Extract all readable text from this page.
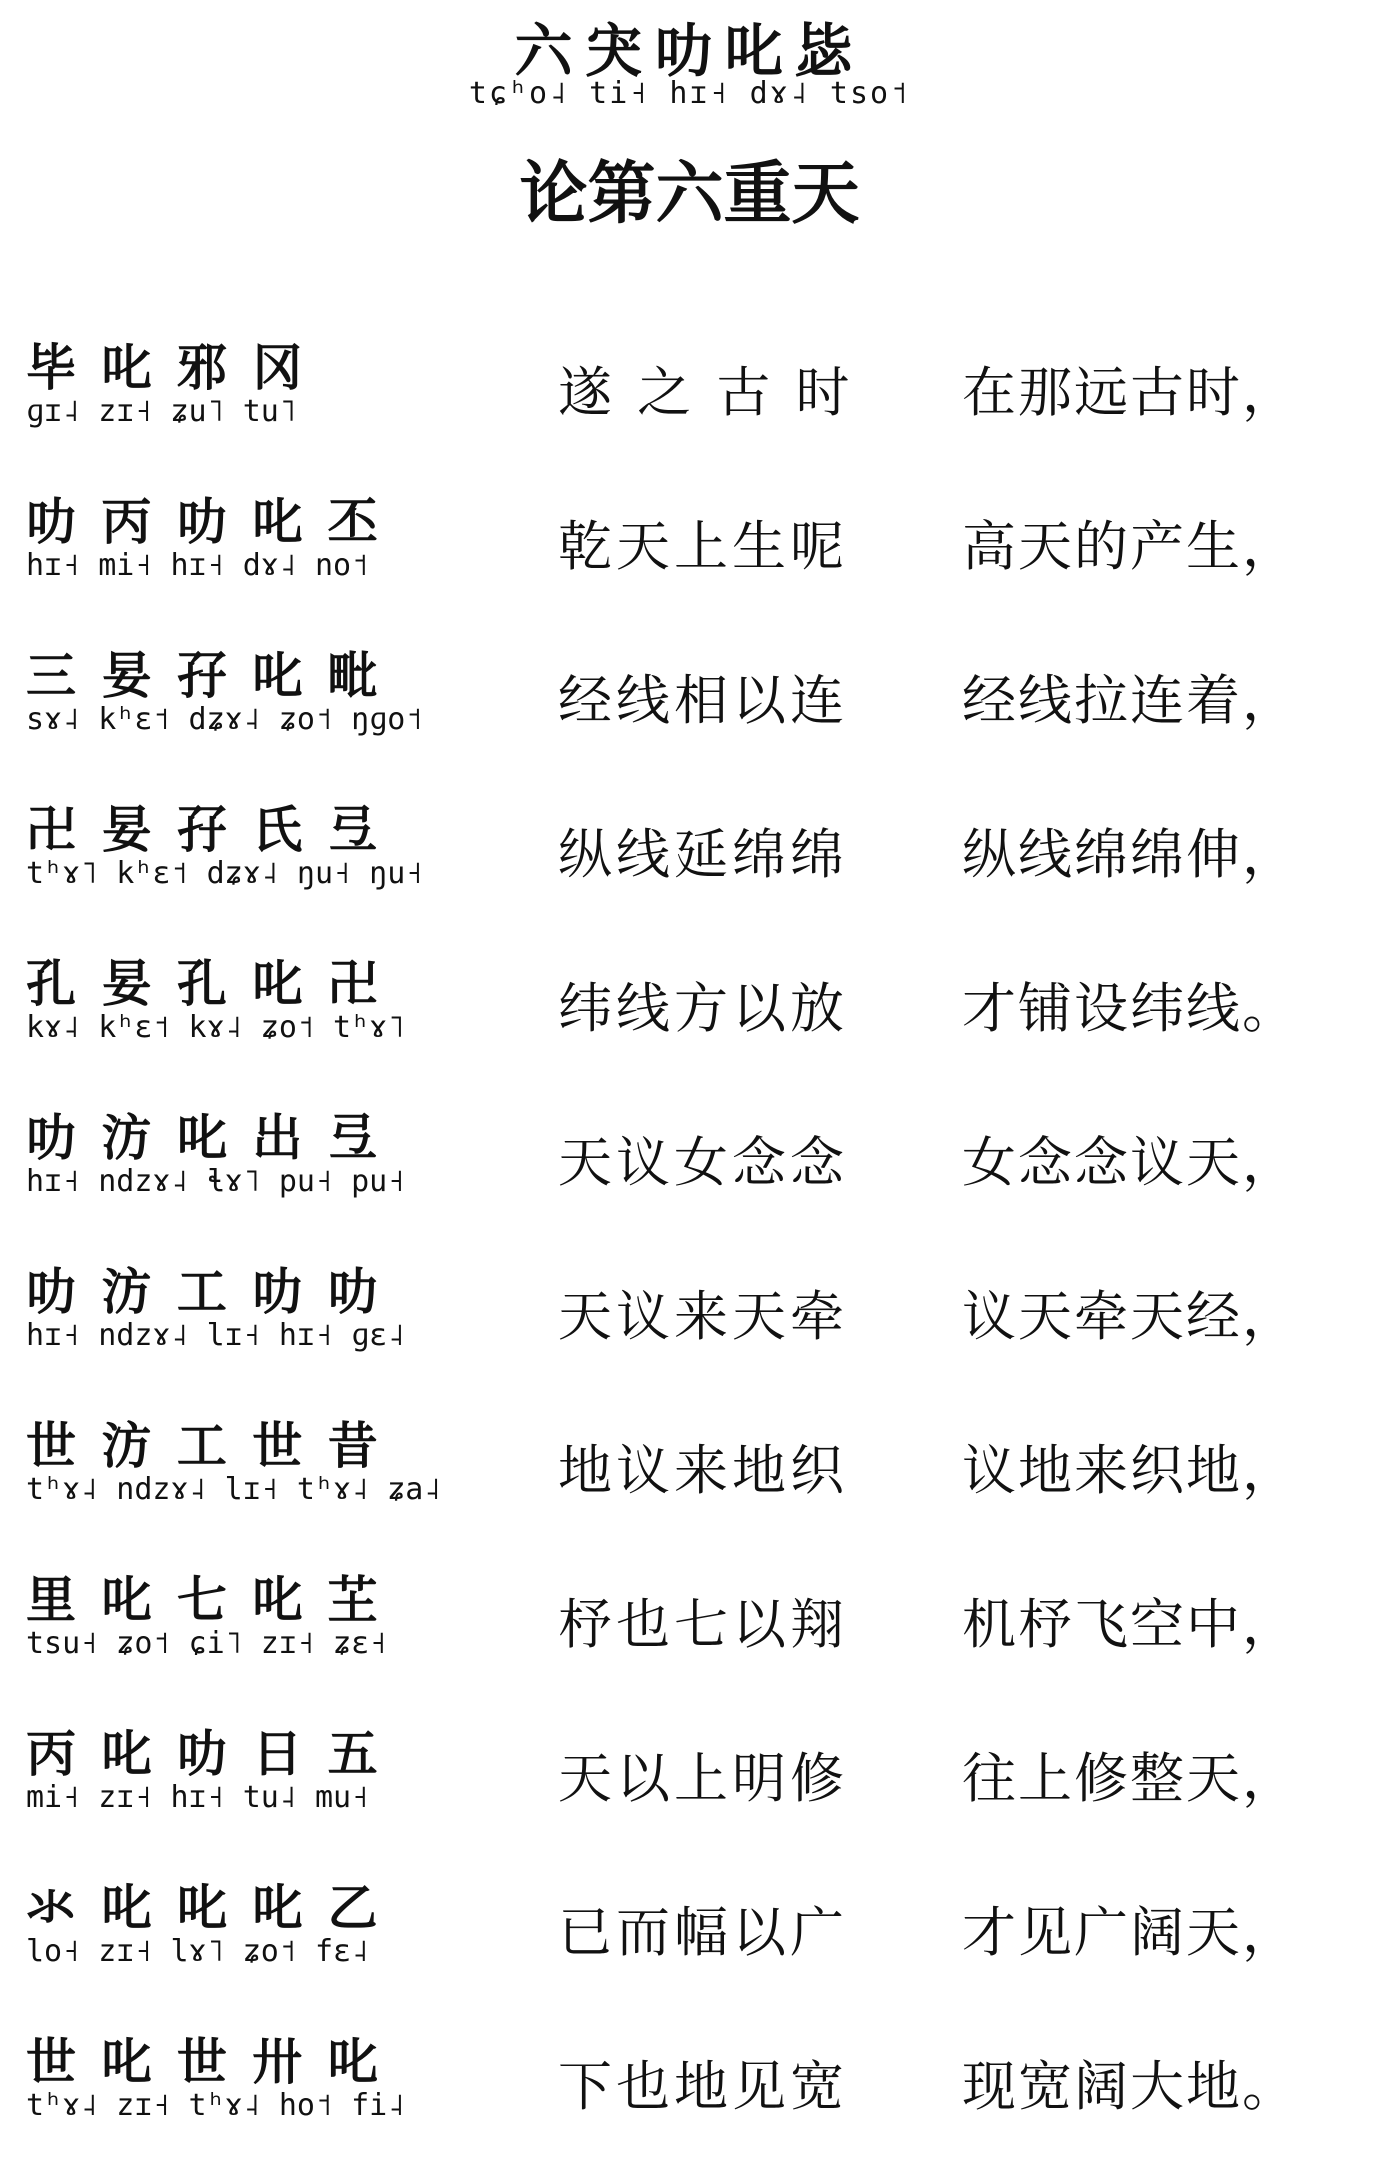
六宊叻叱毖
tɕʰo˨ ti˧ hɪ˧ dɤ˨ tso˦
论第六重天
毕 叱 邪 冈
ɡɪ˨ zɪ˧ ʑu˥ tu˥	遂 之 古 时 在那远古时，
叻 丙 叻 叱 丕
hɪ˧ mi˧ hɪ˧ dɤ˨ no˦	乾天上生呢 高天的产生，
三 妟 孖 叱 毗
sɤ˨ kʰɛ˦ dʑɤ˨ ʑo˦ ŋɡo˦	经线相以连 经线拉连着，
卍 妟 孖 氏 弖
tʰɤ˥ kʰɛ˦ dʑɤ˨ ŋu˧ ŋu˧	纵线延绵绵 纵线绵绵伸，
孔 妟 孔 叱 卍
kɤ˨ kʰɛ˦ kɤ˨ ʑo˦ tʰɤ˥	纬线方以放 才铺设纬线。
叻 汸 叱 出 弖
hɪ˧ ndzɤ˨ ɬɤ˥ pu˧ pu˧	天议女念念 女念念议天，
叻 汸 工 叻 叻
hɪ˧ ndzɤ˨ lɪ˧ hɪ˧ ɡɛ˨	天议来天牵 议天牵天经，
世 汸 工 世 昔
tʰɤ˨ ndzɤ˨ lɪ˧ tʰɤ˨ ʑa˨ 地议来地织 议地来织地，
里 叱 七 叱 芏
tsu˧ ʑo˦ ɕi˥ zɪ˧ ʑɛ˧	杼也七以翔 机杼飞空中，
丙 叱 叻 日 五
mi˧ zɪ˧ hɪ˧ tu˨ mu˧	天以上明修 往上修整天，
氺 叱 叱 叱 乙
lo˧ zɪ˧ lɤ˥ ʑo˦ fɛ˨	已而幅以广 才见广阔天，
世 叱 世 卅 叱
tʰɤ˨ zɪ˧ tʰɤ˨ ho˦ fi˨	下也地见宽 现宽阔大地。
